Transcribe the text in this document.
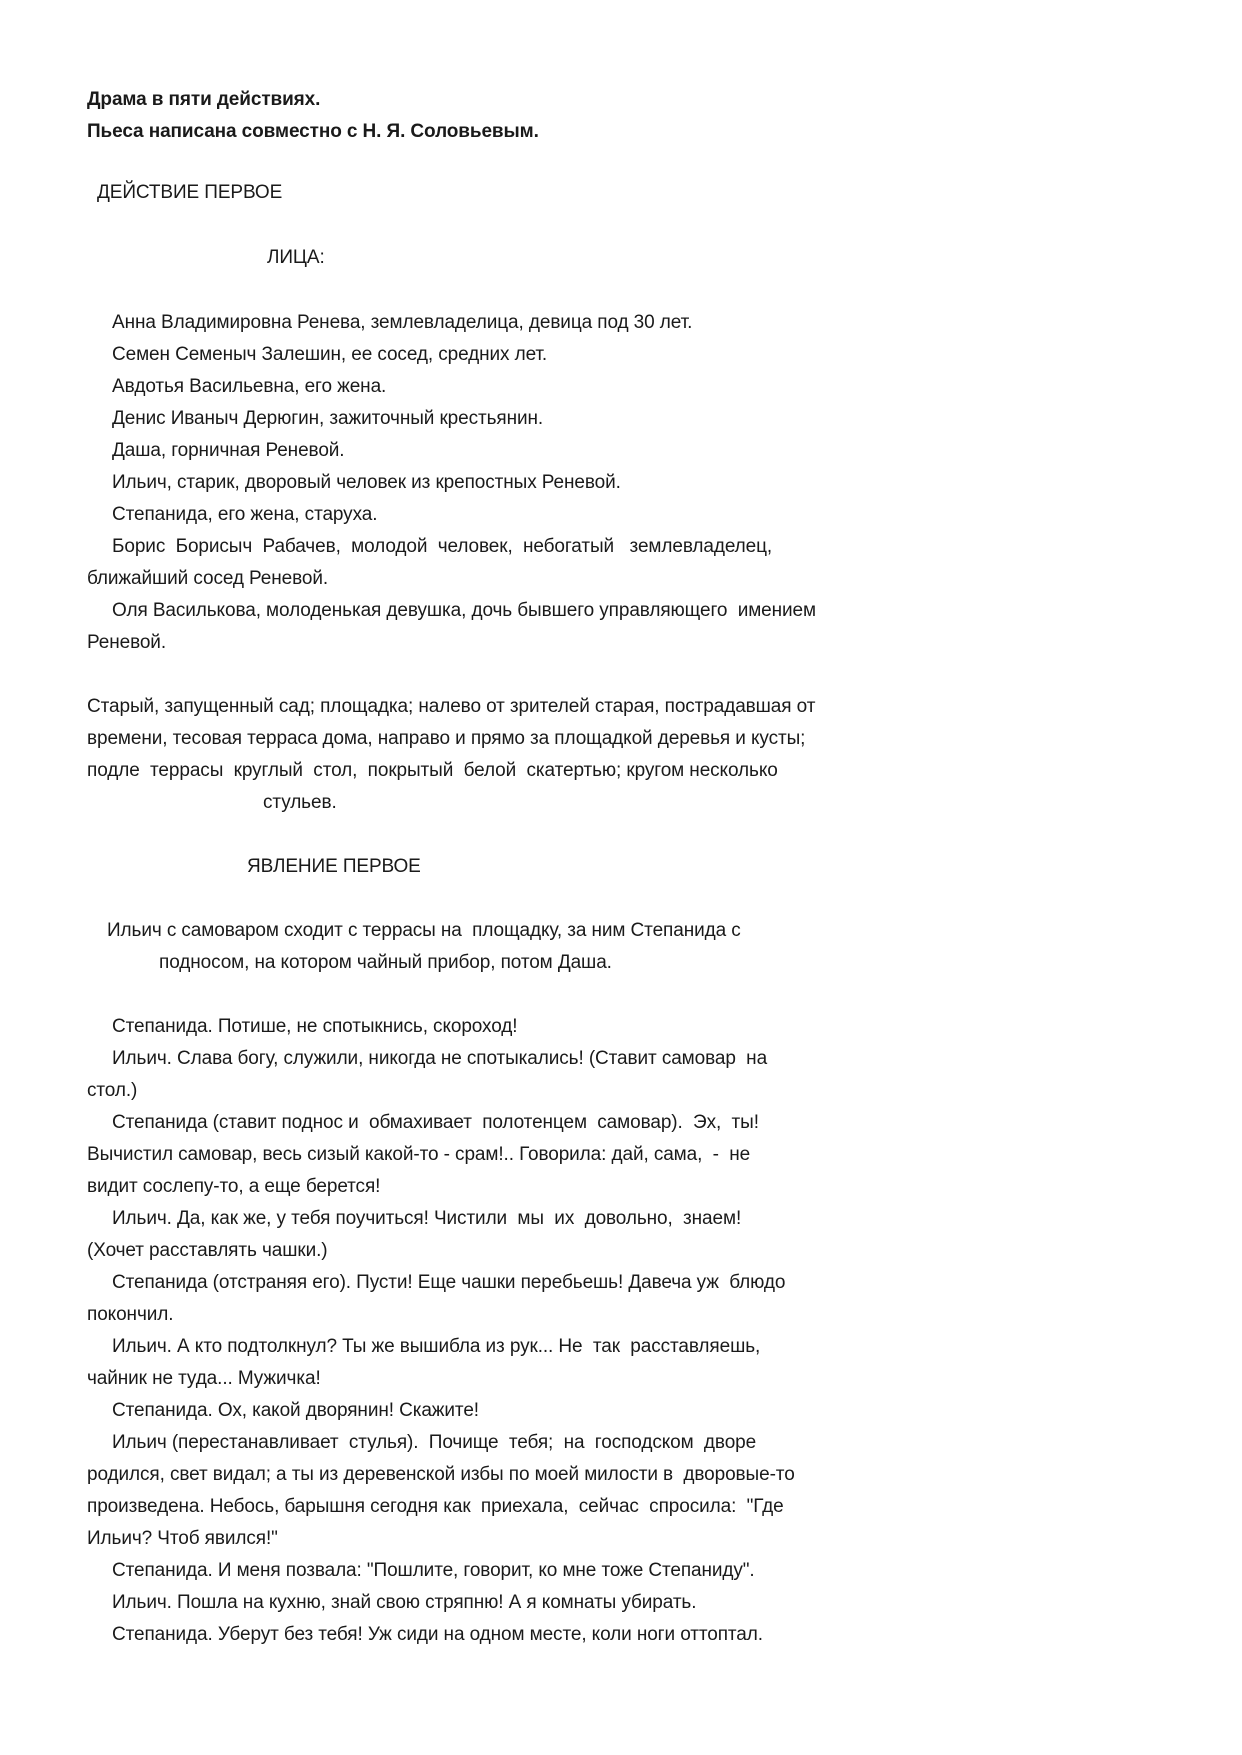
Драма в пяти действиях.
Пьеса написана совместно с Н. Я. Соловьевым.
ДЕЙСТВИЕ ПЕРВОЕ
ЛИЦА:
Анна Владимировна Ренева, землевладелица, девица под 30 лет.
Семен Семеныч Залешин, ее сосед, средних лет.
Авдотья Васильевна, его жена.
Денис Иваныч Дерюгин, зажиточный крестьянин.
Даша, горничная Реневой.
Ильич, старик, дворовый человек из крепостных Реневой.
Степанида, его жена, старуха.
Борис  Борисыч  Рабачев,  молодой  человек,  небогатый   землевладелец,
ближайший сосед Реневой.
Оля Василькова, молоденькая девушка, дочь бывшего управляющего  имением
Реневой.
Старый, запущенный сад; площадка; налево от зрителей старая, пострадавшая от
времени, тесовая терраса дома, направо и прямо за площадкой деревья и кусты;
подле  террасы  круглый  стол,  покрытый  белой  скатертью; кругом несколько
стульев.
ЯВЛЕНИЕ ПЕРВОЕ
Ильич с самоваром сходит с террасы на  площадку, за ним Степанида с
подносом, на котором чайный прибор, потом Даша.
Степанида. Потише, не спотыкнись, скороход!
Ильич. Слава богу, служили, никогда не спотыкались! (Ставит самовар  на
стол.)
Степанида (ставит поднос и  обмахивает  полотенцем  самовар).  Эх,  ты!
Вычистил самовар, весь сизый какой-то - срам!.. Говорила: дай, сама,  -  не
видит сослепу-то, а еще берется!
Ильич. Да, как же, у тебя поучиться! Чистили  мы  их  довольно,  знаем!
(Хочет расставлять чашки.)
Степанида (отстраняя его). Пусти! Еще чашки перебьешь! Давеча уж  блюдо
покончил.
Ильич. А кто подтолкнул? Ты же вышибла из рук... Не  так  расставляешь,
чайник не туда... Мужичка!
Степанида. Ох, какой дворянин! Скажите!
Ильич (перестанавливает  стулья).  Почище  тебя;  на  господском  дворе
родился, свет видал; а ты из деревенской избы по моей милости в  дворовые-то
произведена. Небось, барышня сегодня как  приехала,  сейчас  спросила:  "Где
Ильич? Чтоб явился!"
Степанида. И меня позвала: "Пошлите, говорит, ко мне тоже Степаниду".
Ильич. Пошла на кухню, знай свою стряпню! А я комнаты убирать.
Степанида. Уберут без тебя! Уж сиди на одном месте, коли ноги оттоптал.
